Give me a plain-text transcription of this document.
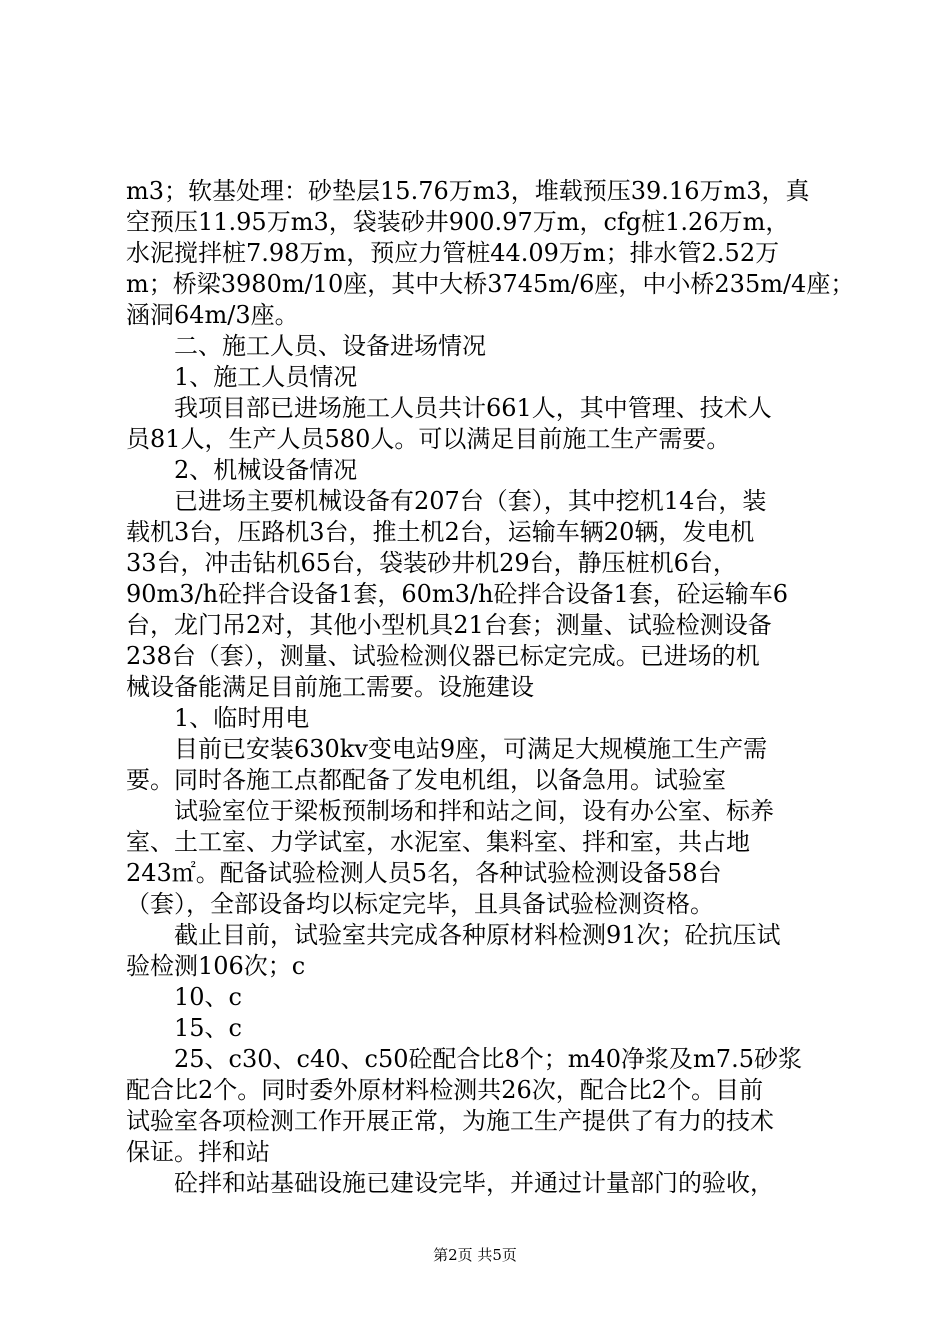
m3；软基处理：砂垫层15.76万m3，堆载预压39.16万m3，真

空预压11.95万m3，袋装砂井900.97万m，cfg桩1.26万m，

水泥搅拌桩7.98万m，预应力管桩44.09万m；排水管2.52万

m；桥梁3980m/10座，其中大桥3745m/6座，中小桥235m/4座；

涵洞64m/3座。

二、施工人员、设备进场情况

1、施工人员情况

我项目部已进场施工人员共计661人，其中管理、技术人

员81人，生产人员580人。可以满足目前施工生产需要。

2、机械设备情况

已进场主要机械设备有207台（套），其中挖机14台，装

载机3台，压路机3台，推土机2台，运输车辆20辆，发电机

33台，冲击钻机65台，袋装砂井机29台，静压桩机6台，

90m3/h砼拌合设备1套，60m3/h砼拌合设备1套，砼运输车6

台，龙门吊2对，其他小型机具21台套；测量、试验检测设备

238台（套），测量、试验检测仪器已标定完成。已进场的机

械设备能满足目前施工需要。设施建设

1、临时用电

目前已安装630kv变电站9座，可满足大规模施工生产需

要。同时各施工点都配备了发电机组，以备急用。试验室

试验室位于梁板预制场和拌和站之间，设有办公室、标养

室、土工室、力学试室，水泥室、集料室、拌和室，共占地

243㎡。配备试验检测人员5名，各种试验检测设备58台

（套），全部设备均以标定完毕，且具备试验检测资格。

截止目前，试验室共完成各种原材料检测91次；砼抗压试

验检测106次；c

10、c

15、c

25、c30、c40、c50砼配合比8个；m40净浆及m7.5砂浆

配合比2个。同时委外原材料检测共26次，配合比2个。目前

试验室各项检测工作开展正常，为施工生产提供了有力的技术

保证。拌和站

砼拌和站基础设施已建设完毕，并通过计量部门的验收，

第2页 共5页
